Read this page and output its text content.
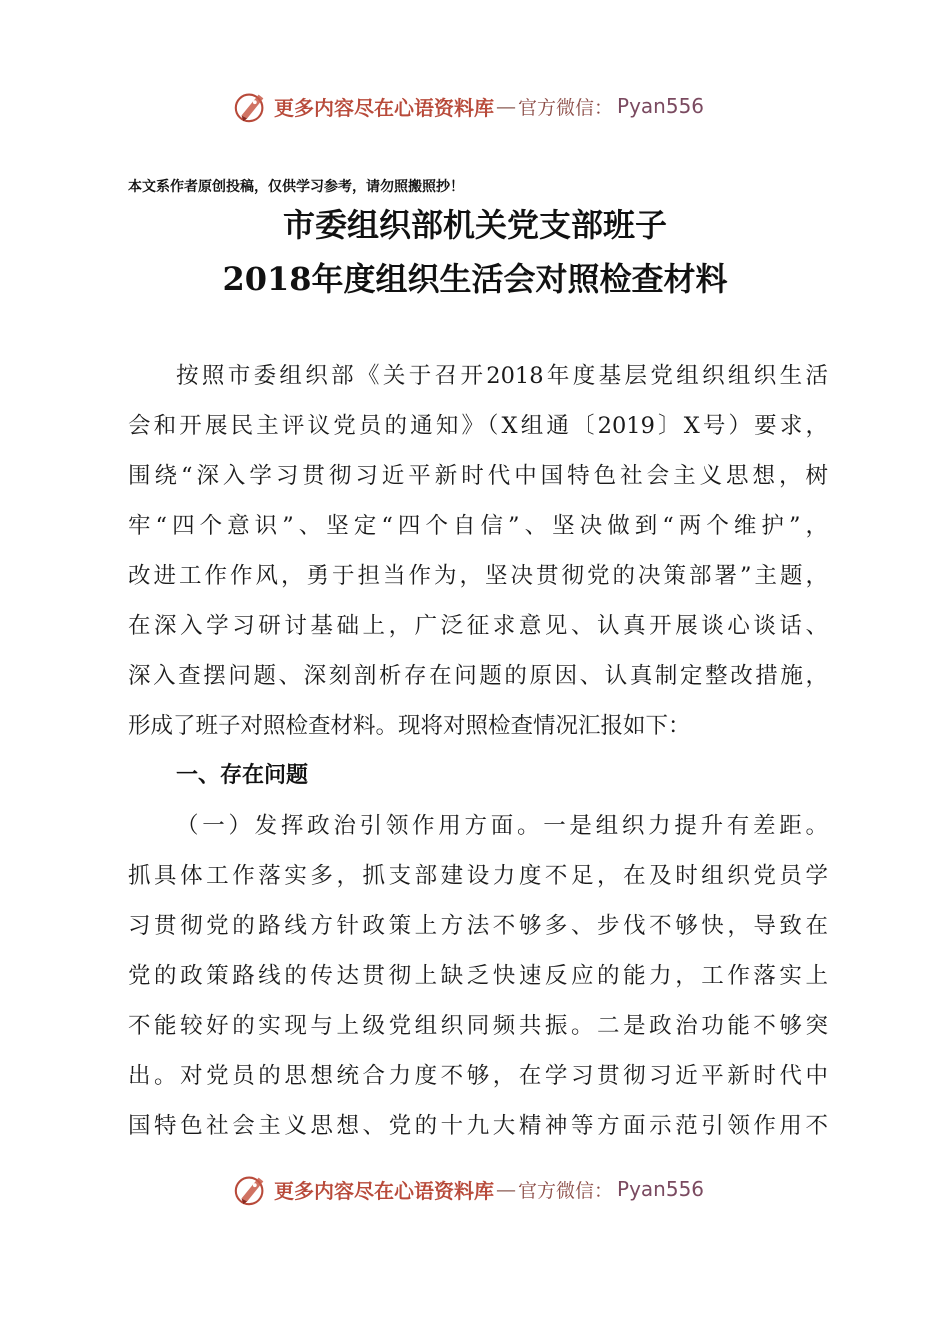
更多内容尽在心语资料库 — 官方微信： Pyan556
本文系作者原创投稿，仅供学习参考，请勿照搬照抄！
市委组织部机关党支部班子
2018年度组织生活会对照检查材料
按照市委组织部《关于召开2018年度基层党组织组织生活
会和开展民主评议党员的通知》（X组通〔2019〕X号）要求，
围绕“深入学习贯彻习近平新时代中国特色社会主义思想，树
牢“四个意识”、坚定“四个自信”、坚决做到“两个维护”，
改进工作作风，勇于担当作为，坚决贯彻党的决策部署”主题，
在深入学习研讨基础上，广泛征求意见、认真开展谈心谈话、
深入查摆问题、深刻剖析存在问题的原因、认真制定整改措施，
形成了班子对照检查材料。现将对照检查情况汇报如下：
一、存在问题
（一）发挥政治引领作用方面。一是组织力提升有差距。
抓具体工作落实多，抓支部建设力度不足，在及时组织党员学
习贯彻党的路线方针政策上方法不够多、步伐不够快，导致在
党的政策路线的传达贯彻上缺乏快速反应的能力，工作落实上
不能较好的实现与上级党组织同频共振。二是政治功能不够突
出。对党员的思想统合力度不够，在学习贯彻习近平新时代中
国特色社会主义思想、党的十九大精神等方面示范引领作用不
更多内容尽在心语资料库 — 官方微信： Pyan556
